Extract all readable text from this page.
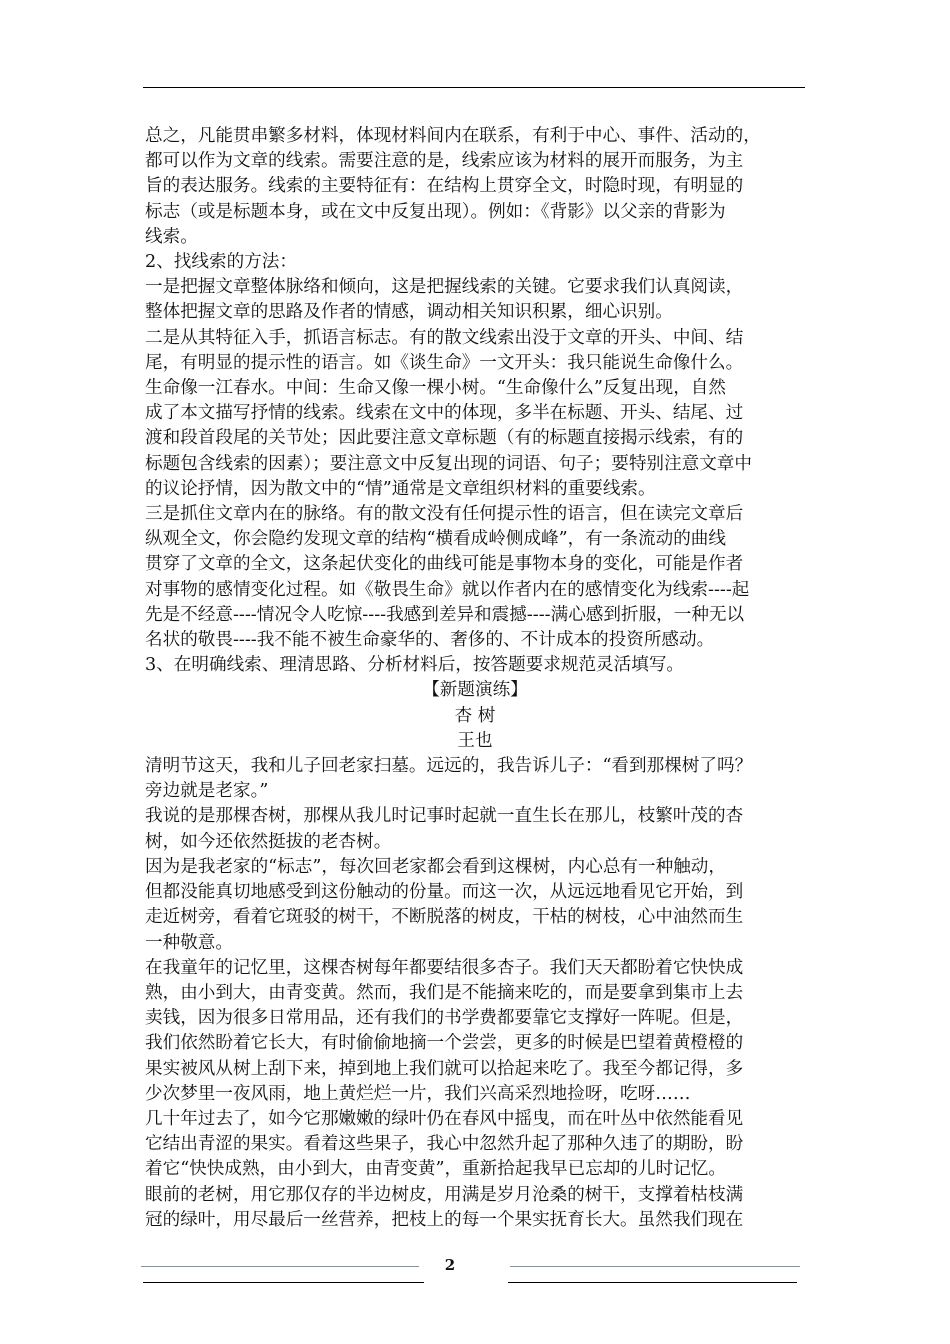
总之，凡能贯串繁多材料，体现材料间内在联系，有利于中心、事件、活动的，

都可以作为文章的线索。需要注意的是，线索应该为材料的展开而服务，为主

旨的表达服务。线索的主要特征有：在结构上贯穿全文，时隐时现，有明显的

标志（或是标题本身，或在文中反复出现）。例如：《背影》以父亲的背影为

线索。

2、找线索的方法：

一是把握文章整体脉络和倾向，这是把握线索的关键。它要求我们认真阅读，

整体把握文章的思路及作者的情感，调动相关知识积累，细心识别。

二是从其特征入手，抓语言标志。有的散文线索出没于文章的开头、中间、结

尾，有明显的提示性的语言。如《谈生命》一文开头：我只能说生命像什么。

生命像一江春水。中间：生命又像一棵小树。“生命像什么”反复出现，自然

成了本文描写抒情的线索。线索在文中的体现，多半在标题、开头、结尾、过

渡和段首段尾的关节处；因此要注意文章标题（有的标题直接揭示线索，有的

标题包含线索的因素）；要注意文中反复出现的词语、句子；要特别注意文章中

的议论抒情，因为散文中的“情”通常是文章组织材料的重要线索。

三是抓住文章内在的脉络。有的散文没有任何提示性的语言，但在读完文章后

纵观全文，你会隐约发现文章的结构“横看成岭侧成峰”，有一条流动的曲线

贯穿了文章的全文，这条起伏变化的曲线可能是事物本身的变化，可能是作者

对事物的感情变化过程。如《敬畏生命》就以作者内在的感情变化为线索----起

先是不经意----情况令人吃惊----我感到差异和震撼----满心感到折服，一种无以

名状的敬畏----我不能不被生命豪华的、奢侈的、不计成本的投资所感动。

3、在明确线索、理清思路、分析材料后，按答题要求规范灵活填写。

【新题演练】

杏 树

王也

清明节这天，我和儿子回老家扫墓。远远的，我告诉儿子：“看到那棵树了吗？

旁边就是老家。”

我说的是那棵杏树，那棵从我儿时记事时起就一直生长在那儿，枝繁叶茂的杏

树，如今还依然挺拔的老杏树。

因为是我老家的“标志”，每次回老家都会看到这棵树，内心总有一种触动，

但都没能真切地感受到这份触动的份量。而这一次，从远远地看见它开始，到

走近树旁，看着它斑驳的树干，不断脱落的树皮，干枯的树枝，心中油然而生

一种敬意。

在我童年的记忆里，这棵杏树每年都要结很多杏子。我们天天都盼着它快快成

熟，由小到大，由青变黄。然而，我们是不能摘来吃的，而是要拿到集市上去

卖钱，因为很多日常用品，还有我们的书学费都要靠它支撑好一阵呢。但是，

我们依然盼着它长大，有时偷偷地摘一个尝尝，更多的时候是巴望着黄橙橙的

果实被风从树上刮下来，掉到地上我们就可以拾起来吃了。我至今都记得，多

少次梦里一夜风雨，地上黄烂烂一片，我们兴高采烈地捡呀，吃呀……

几十年过去了，如今它那嫩嫩的绿叶仍在春风中摇曳，而在叶丛中依然能看见

它结出青涩的果实。看着这些果子，我心中忽然升起了那种久违了的期盼，盼

着它“快快成熟，由小到大，由青变黄”，重新拾起我早已忘却的儿时记忆。

眼前的老树，用它那仅存的半边树皮，用满是岁月沧桑的树干，支撑着枯枝满

冠的绿叶，用尽最后一丝营养，把枝上的每一个果实抚育长大。虽然我们现在

2
